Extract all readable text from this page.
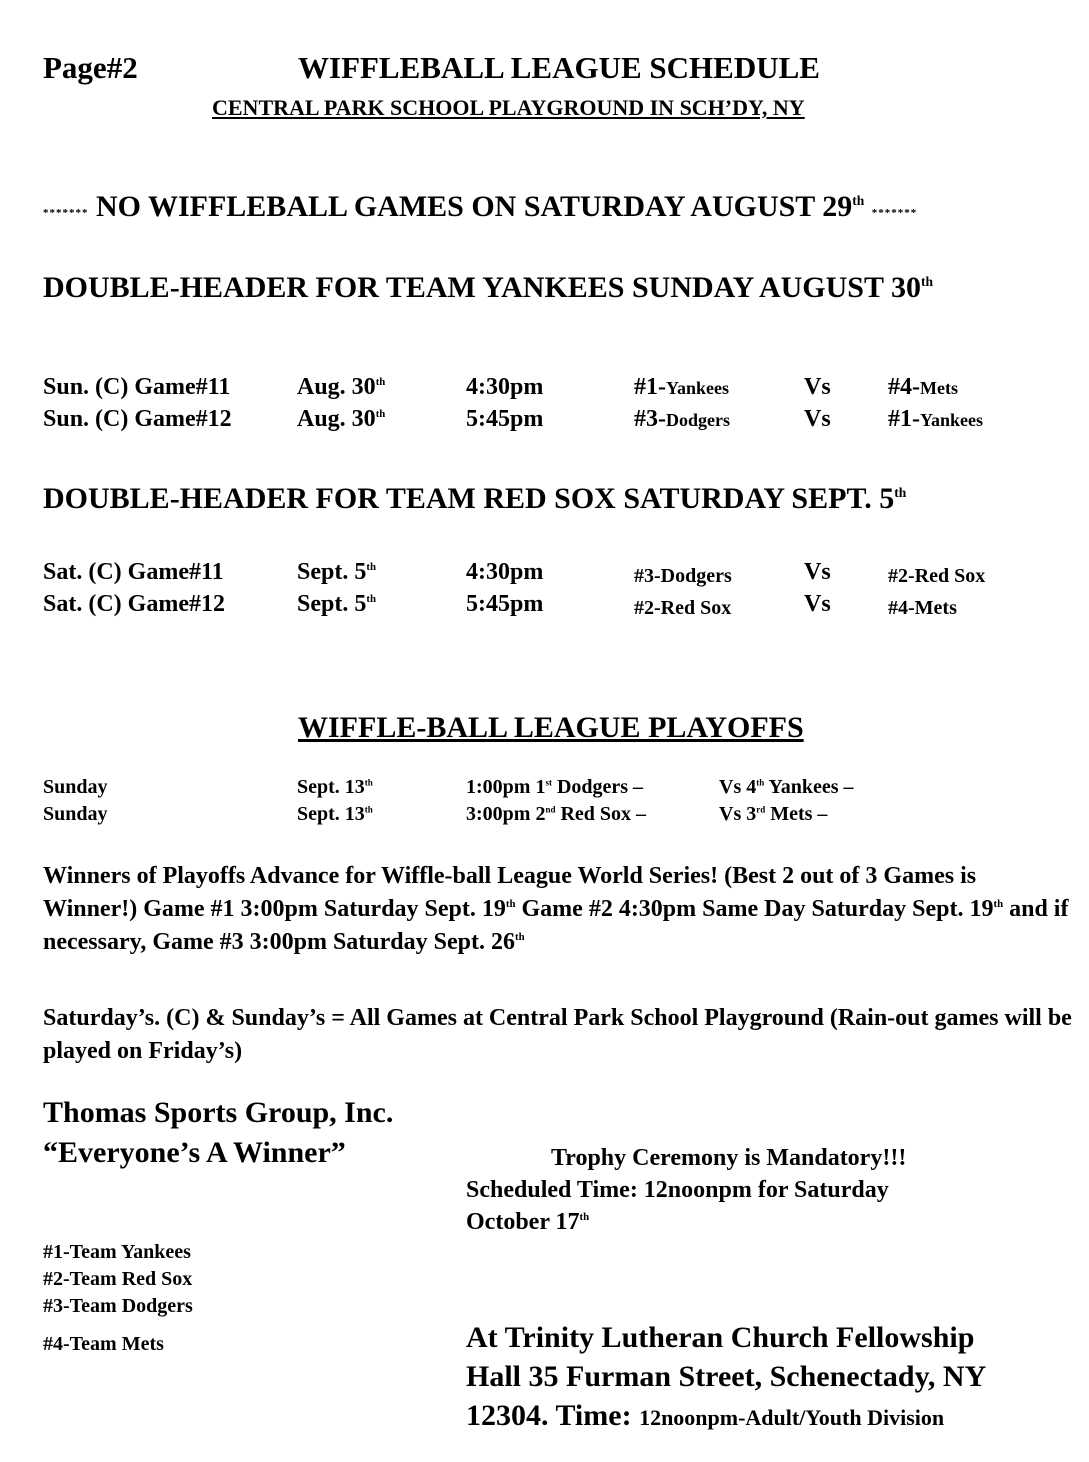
Page#2	WIFFLEBALL LEAGUE SCHEDULE
CENTRAL PARK SCHOOL PLAYGROUND IN SCH’DY, NY
******* NO WIFFLEBALL GAMES ON SATURDAY AUGUST 29th *******
DOUBLE-HEADER FOR TEAM YANKEES SUNDAY AUGUST 30th
Sun. (C) Game#11	Aug. 30th	4:30pm	#1-Yankees	Vs #4-Mets
Sun. (C) Game#12	Aug. 30th	5:45pm	#3-Dodgers	Vs #1-Yankees
DOUBLE-HEADER FOR TEAM RED SOX SATURDAY SEPT. 5th
Sat. (C) Game#11	Sept. 5th	4:30pm	#3-Dodgers	Vs	#2-Red Sox
Sat. (C) Game#12	Sept. 5th	5:45pm	#2-Red Sox	Vs	#4-Mets
WIFFLE-BALL LEAGUE PLAYOFFS
Sunday	Sept. 13th	1:00pm 1st Dodgers –	Vs 4th Yankees –
Sunday	Sept. 13th	3:00pm 2nd Red Sox –	Vs 3rd Mets –
Winners of Playoffs Advance for Wiffle-ball League World Series! (Best 2 out of 3 Games is Winner!) Game #1 3:00pm Saturday Sept. 19th Game #2 4:30pm Same Day Saturday Sept. 19th and if necessary, Game #3 3:00pm Saturday Sept. 26th
Saturday’s. (C) & Sunday’s = All Games at Central Park School Playground (Rain-out games will be played on Friday’s)
Thomas Sports Group, Inc.
“Everyone’s A Winner”	Trophy Ceremony is Mandatory!!!
Scheduled Time: 12noonpm for Saturday
October 17th
#1-Team Yankees
#2-Team Red Sox
#3-Team Dodgers
#4-Team Mets	At Trinity Lutheran Church Fellowship
Hall 35 Furman Street, Schenectady, NY
12304. Time: 12noonpm-Adult/Youth Division
